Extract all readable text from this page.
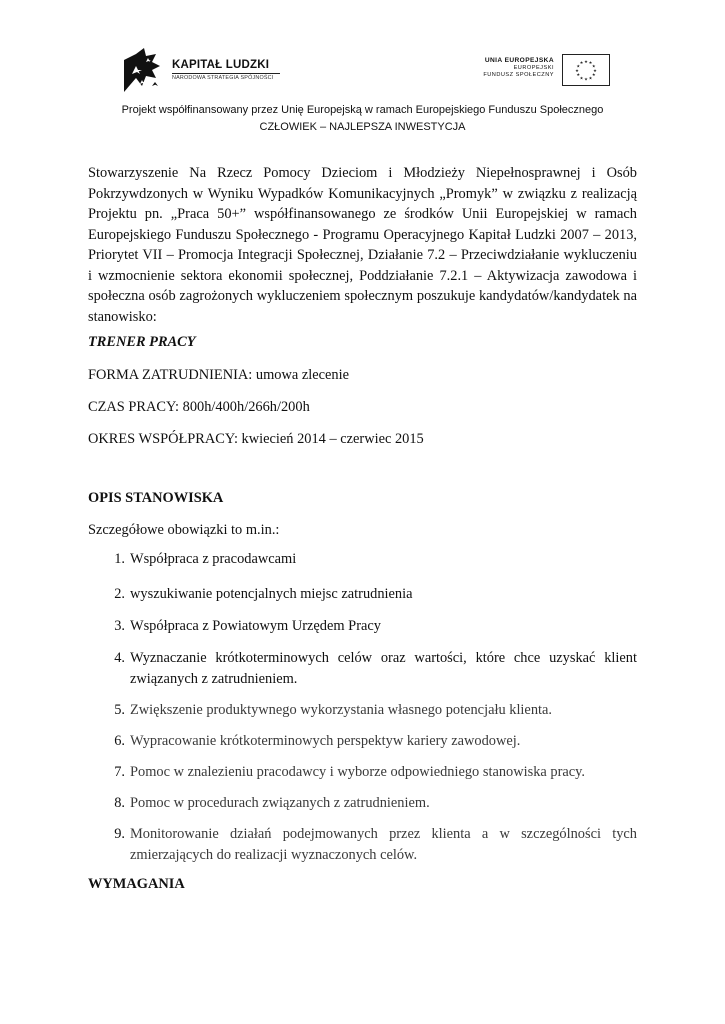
KAPITAŁ LUDZKI
NARODOWA STRATEGIA SPÓJNOŚCI
UNIA EUROPEJSKA
EUROPEJSKI
FUNDUSZ SPOŁECZNY
★ ★
★
★
★
★
★
★
★
★
★
★
Projekt współfinansowany przez Unię Europejską w ramach Europejskiego Funduszu Społecznego
CZŁOWIEK – NAJLEPSZA INWESTYCJA
Stowarzyszenie Na Rzecz Pomocy Dzieciom i Młodzieży Niepełnosprawnej i Osób Pokrzywdzonych w Wyniku Wypadków Komunikacyjnych „Promyk” w związku z realizacją Projektu pn. „Praca 50+” współfinansowanego ze środków Unii Europejskiej w ramach Europejskiego Funduszu Społecznego - Programu Operacyjnego Kapitał Ludzki 2007 – 2013, Priorytet VII – Promocja Integracji Społecznej, Działanie 7.2 – Przeciwdziałanie wykluczeniu i wzmocnienie sektora ekonomii społecznej, Poddziałanie 7.2.1 – Aktywizacja zawodowa i społeczna osób zagrożonych wykluczeniem społecznym poszukuje kandydatów/kandydatek na stanowisko:
TRENER PRACY
FORMA ZATRUDNIENIA: umowa zlecenie
CZAS PRACY: 800h/400h/266h/200h
OKRES WSPÓŁPRACY: kwiecień 2014 – czerwiec 2015
OPIS STANOWISKA
Szczegółowe obowiązki to m.in.:
1. Współpraca z pracodawcami
2. wyszukiwanie potencjalnych miejsc zatrudnienia
3. Współpraca z Powiatowym Urzędem Pracy
4. Wyznaczanie krótkoterminowych celów oraz wartości, które chce uzyskać klient związanych z zatrudnieniem.
5. Zwiększenie produktywnego wykorzystania własnego potencjału klienta.
6. Wypracowanie krótkoterminowych perspektyw kariery zawodowej.
7. Pomoc w znalezieniu pracodawcy i wyborze odpowiedniego stanowiska pracy.
8. Pomoc w procedurach związanych z zatrudnieniem.
9. Monitorowanie działań podejmowanych przez klienta a w szczególności tych zmierzających do realizacji wyznaczonych celów.
WYMAGANIA
